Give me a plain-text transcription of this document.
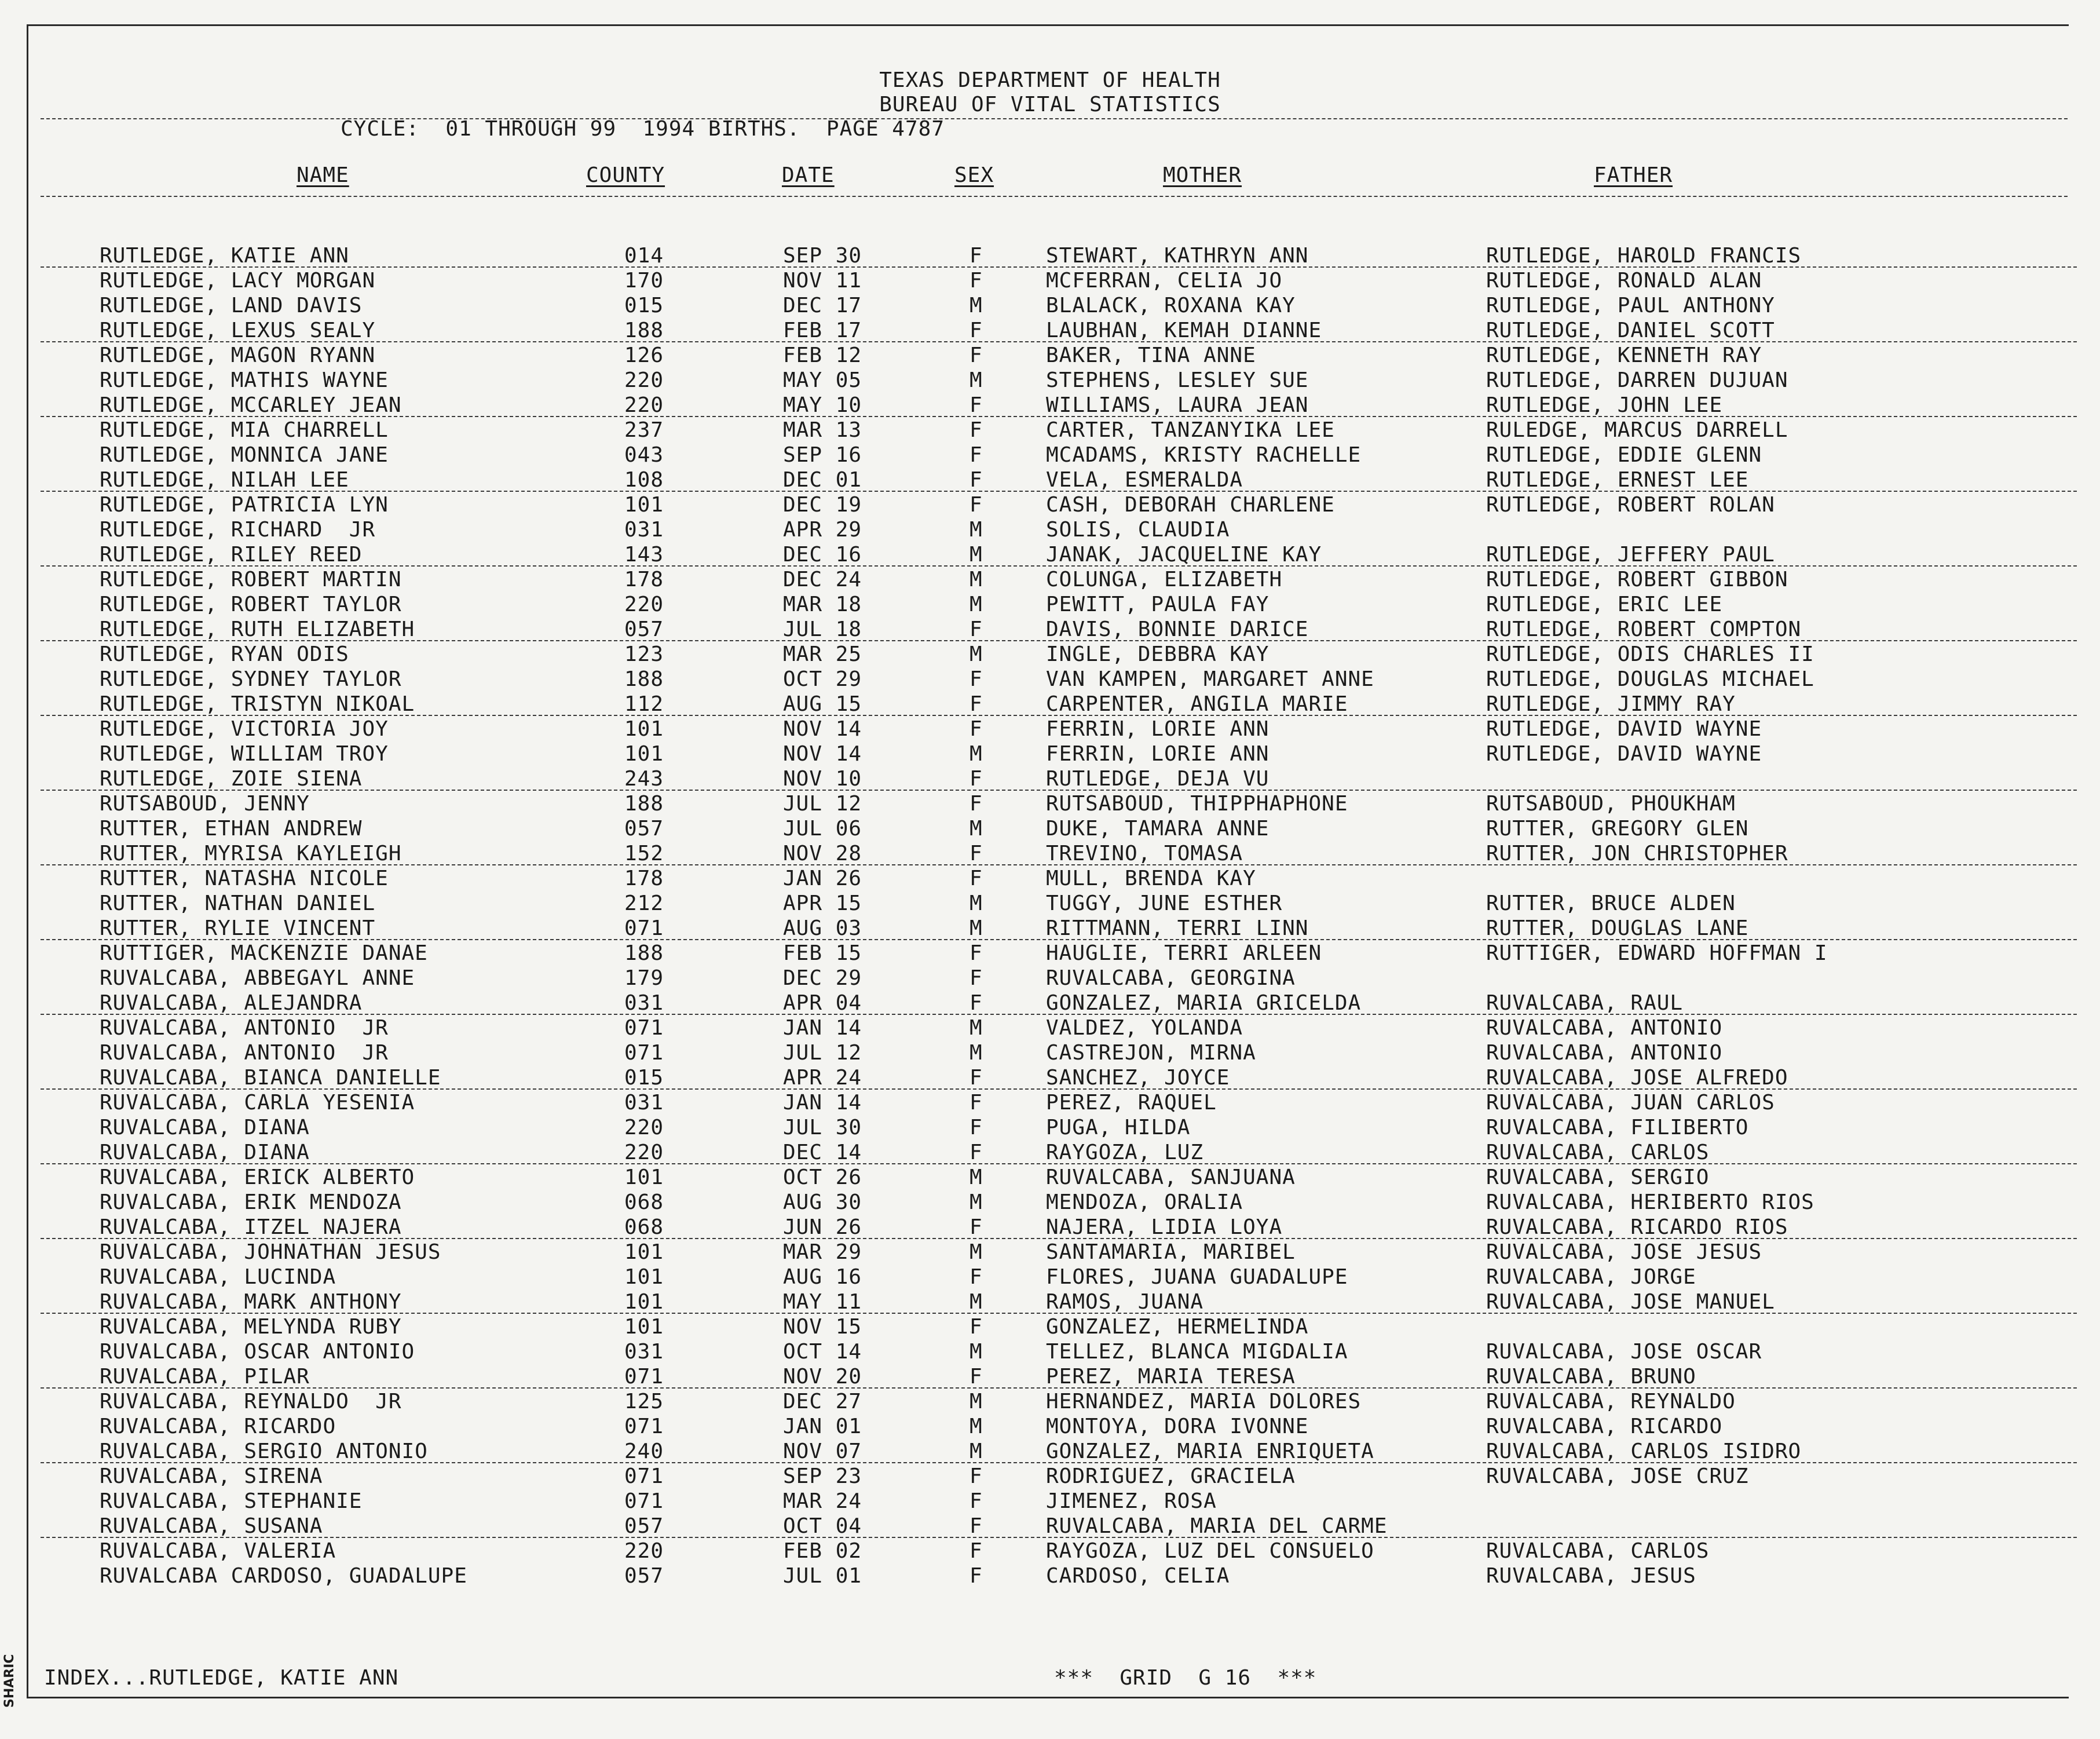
TEXAS DEPARTMENT OF HEALTH
BUREAU OF VITAL STATISTICS
CYCLE:  01 THROUGH 99  1994 BIRTHS.  PAGE 4787
NAME	COUNTY	DATE	SEX	MOTHER	FATHER
RUTLEDGE, KATIE ANN	014	SEP 30	F	STEWART, KATHRYN ANN	RUTLEDGE, HAROLD FRANCIS
RUTLEDGE, LACY MORGAN	170	NOV 11	F	MCFERRAN, CELIA JO	RUTLEDGE, RONALD ALAN
RUTLEDGE, LAND DAVIS	015	DEC 17	M	BLALACK, ROXANA KAY	RUTLEDGE, PAUL ANTHONY
RUTLEDGE, LEXUS SEALY	188	FEB 17	F	LAUBHAN, KEMAH DIANNE	RUTLEDGE, DANIEL SCOTT
RUTLEDGE, MAGON RYANN	126	FEB 12	F	BAKER, TINA ANNE	RUTLEDGE, KENNETH RAY
RUTLEDGE, MATHIS WAYNE	220	MAY 05	M	STEPHENS, LESLEY SUE	RUTLEDGE, DARREN DUJUAN
RUTLEDGE, MCCARLEY JEAN	220	MAY 10	F	WILLIAMS, LAURA JEAN	RUTLEDGE, JOHN LEE
RUTLEDGE, MIA CHARRELL	237	MAR 13	F	CARTER, TANZANYIKA LEE	RULEDGE, MARCUS DARRELL
RUTLEDGE, MONNICA JANE	043	SEP 16	F	MCADAMS, KRISTY RACHELLE	RUTLEDGE, EDDIE GLENN
RUTLEDGE, NILAH LEE	108	DEC 01	F	VELA, ESMERALDA	RUTLEDGE, ERNEST LEE
RUTLEDGE, PATRICIA LYN	101	DEC 19	F	CASH, DEBORAH CHARLENE	RUTLEDGE, ROBERT ROLAN
RUTLEDGE, RICHARD  JR	031	APR 29	M	SOLIS, CLAUDIA
RUTLEDGE, RILEY REED	143	DEC 16	M	JANAK, JACQUELINE KAY	RUTLEDGE, JEFFERY PAUL
RUTLEDGE, ROBERT MARTIN	178	DEC 24	M	COLUNGA, ELIZABETH	RUTLEDGE, ROBERT GIBBON
RUTLEDGE, ROBERT TAYLOR	220	MAR 18	M	PEWITT, PAULA FAY	RUTLEDGE, ERIC LEE
RUTLEDGE, RUTH ELIZABETH	057	JUL 18	F	DAVIS, BONNIE DARICE	RUTLEDGE, ROBERT COMPTON
RUTLEDGE, RYAN ODIS	123	MAR 25	M	INGLE, DEBBRA KAY	RUTLEDGE, ODIS CHARLES II
RUTLEDGE, SYDNEY TAYLOR	188	OCT 29	F	VAN KAMPEN, MARGARET ANNE	RUTLEDGE, DOUGLAS MICHAEL
RUTLEDGE, TRISTYN NIKOAL	112	AUG 15	F	CARPENTER, ANGILA MARIE	RUTLEDGE, JIMMY RAY
RUTLEDGE, VICTORIA JOY	101	NOV 14	F	FERRIN, LORIE ANN	RUTLEDGE, DAVID WAYNE
RUTLEDGE, WILLIAM TROY	101	NOV 14	M	FERRIN, LORIE ANN	RUTLEDGE, DAVID WAYNE
RUTLEDGE, ZOIE SIENA	243	NOV 10	F	RUTLEDGE, DEJA VU
RUTSABOUD, JENNY	188	JUL 12	F	RUTSABOUD, THIPPHAPHONE	RUTSABOUD, PHOUKHAM
RUTTER, ETHAN ANDREW	057	JUL 06	M	DUKE, TAMARA ANNE	RUTTER, GREGORY GLEN
RUTTER, MYRISA KAYLEIGH	152	NOV 28	F	TREVINO, TOMASA	RUTTER, JON CHRISTOPHER
RUTTER, NATASHA NICOLE	178	JAN 26	F	MULL, BRENDA KAY
RUTTER, NATHAN DANIEL	212	APR 15	M	TUGGY, JUNE ESTHER	RUTTER, BRUCE ALDEN
RUTTER, RYLIE VINCENT	071	AUG 03	M	RITTMANN, TERRI LINN	RUTTER, DOUGLAS LANE
RUTTIGER, MACKENZIE DANAE	188	FEB 15	F	HAUGLIE, TERRI ARLEEN	RUTTIGER, EDWARD HOFFMAN I
RUVALCABA, ABBEGAYL ANNE	179	DEC 29	F	RUVALCABA, GEORGINA
RUVALCABA, ALEJANDRA	031	APR 04	F	GONZALEZ, MARIA GRICELDA	RUVALCABA, RAUL
RUVALCABA, ANTONIO  JR	071	JAN 14	M	VALDEZ, YOLANDA	RUVALCABA, ANTONIO
RUVALCABA, ANTONIO  JR	071	JUL 12	M	CASTREJON, MIRNA	RUVALCABA, ANTONIO
RUVALCABA, BIANCA DANIELLE	015	APR 24	F	SANCHEZ, JOYCE	RUVALCABA, JOSE ALFREDO
RUVALCABA, CARLA YESENIA	031	JAN 14	F	PEREZ, RAQUEL	RUVALCABA, JUAN CARLOS
RUVALCABA, DIANA	220	JUL 30	F	PUGA, HILDA	RUVALCABA, FILIBERTO
RUVALCABA, DIANA	220	DEC 14	F	RAYGOZA, LUZ	RUVALCABA, CARLOS
RUVALCABA, ERICK ALBERTO	101	OCT 26	M	RUVALCABA, SANJUANA	RUVALCABA, SERGIO
RUVALCABA, ERIK MENDOZA	068	AUG 30	M	MENDOZA, ORALIA	RUVALCABA, HERIBERTO RIOS
RUVALCABA, ITZEL NAJERA	068	JUN 26	F	NAJERA, LIDIA LOYA	RUVALCABA, RICARDO RIOS
RUVALCABA, JOHNATHAN JESUS	101	MAR 29	M	SANTAMARIA, MARIBEL	RUVALCABA, JOSE JESUS
RUVALCABA, LUCINDA	101	AUG 16	F	FLORES, JUANA GUADALUPE	RUVALCABA, JORGE
RUVALCABA, MARK ANTHONY	101	MAY 11	M	RAMOS, JUANA	RUVALCABA, JOSE MANUEL
RUVALCABA, MELYNDA RUBY	101	NOV 15	F	GONZALEZ, HERMELINDA
RUVALCABA, OSCAR ANTONIO	031	OCT 14	M	TELLEZ, BLANCA MIGDALIA	RUVALCABA, JOSE OSCAR
RUVALCABA, PILAR	071	NOV 20	F	PEREZ, MARIA TERESA	RUVALCABA, BRUNO
RUVALCABA, REYNALDO  JR	125	DEC 27	M	HERNANDEZ, MARIA DOLORES	RUVALCABA, REYNALDO
RUVALCABA, RICARDO	071	JAN 01	M	MONTOYA, DORA IVONNE	RUVALCABA, RICARDO
RUVALCABA, SERGIO ANTONIO	240	NOV 07	M	GONZALEZ, MARIA ENRIQUETA	RUVALCABA, CARLOS ISIDRO
RUVALCABA, SIRENA	071	SEP 23	F	RODRIGUEZ, GRACIELA	RUVALCABA, JOSE CRUZ
RUVALCABA, STEPHANIE	071	MAR 24	F	JIMENEZ, ROSA
RUVALCABA, SUSANA	057	OCT 04	F	RUVALCABA, MARIA DEL CARME
RUVALCABA, VALERIA	220	FEB 02	F	RAYGOZA, LUZ DEL CONSUELO	RUVALCABA, CARLOS
RUVALCABA CARDOSO, GUADALUPE	057	JUL 01	F	CARDOSO, CELIA	RUVALCABA, JESUS
INDEX...RUTLEDGE, KATIE ANN	***  GRID  G 16  ***
SHARIC
